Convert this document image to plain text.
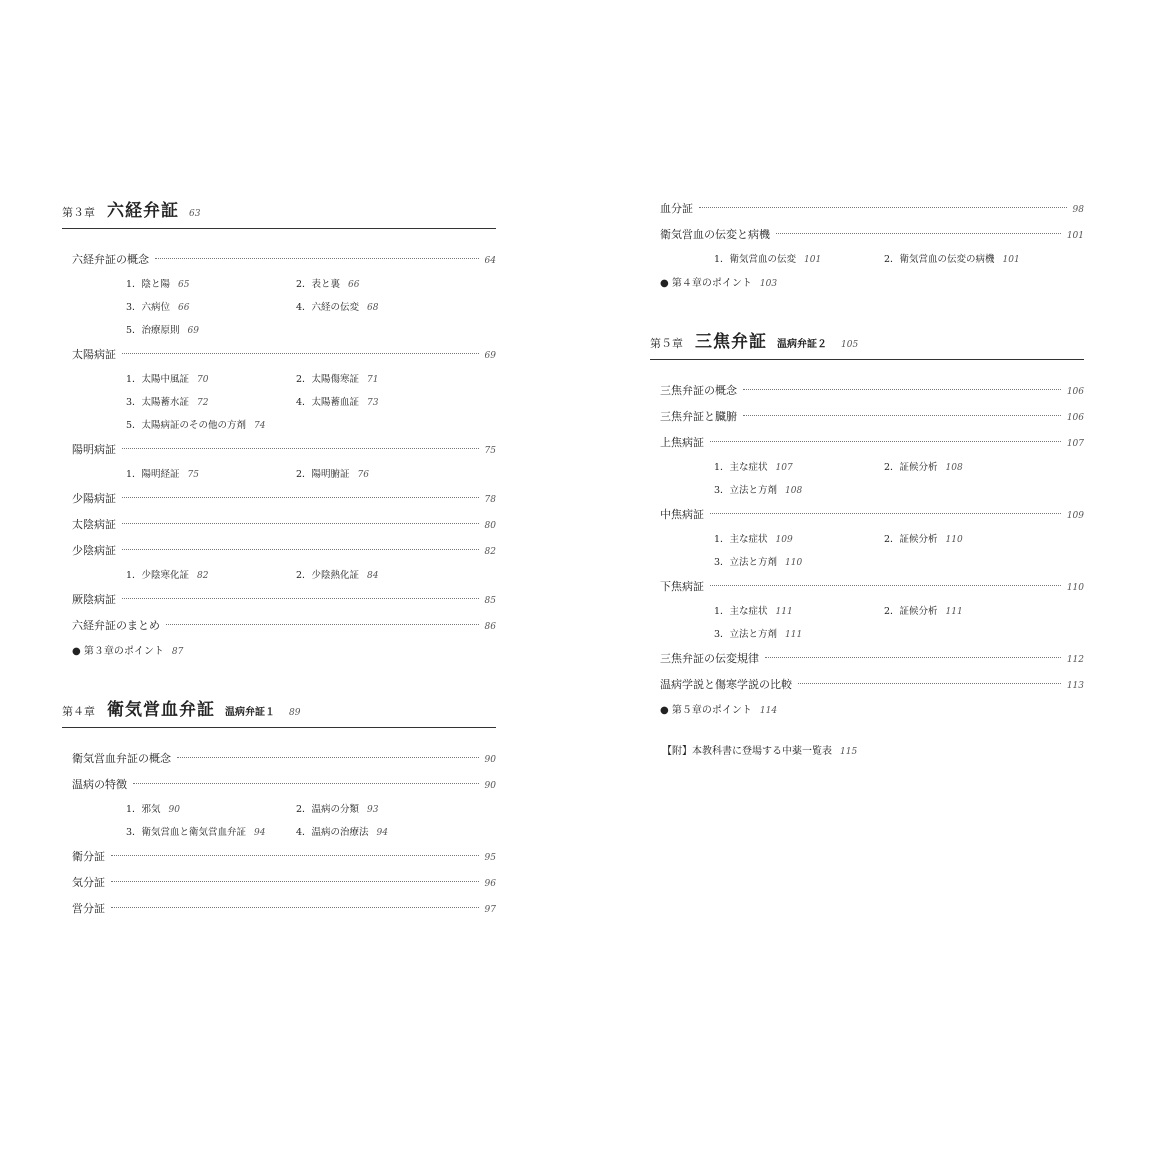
第３章 六経弁証 63
六経弁証の概念	64
1．陰と陽 65	2．表と裏 66
3．六病位 66	4．六経の伝変 68
5．治療原則 69
太陽病証	69
1．太陽中風証 70	2．太陽傷寒証 71
3．太陽蓄水証 72	4．太陽蓄血証 73
5．太陽病証のその他の方剤 74
陽明病証	75
1．陽明経証 75	2．陽明腑証 76
少陽病証	78
太陰病証	80
少陰病証	82
1．少陰寒化証 82	2．少陰熱化証 84
厥陰病証	85
六経弁証のまとめ	86
● 第３章のポイント 87
第４章 衛気営血弁証 温病弁証１ 89
衛気営血弁証の概念	90
温病の特徴	90
1．邪気 90	2．温病の分類 93
3．衛気営血と衛気営血弁証 94	4．温病の治療法 94
衛分証	95
気分証	96
営分証	97
血分証	98
衛気営血の伝変と病機	101
1．衛気営血の伝変 101	2．衛気営血の伝変の病機 101
● 第４章のポイント 103
第５章 三焦弁証 温病弁証２ 105
三焦弁証の概念	106
三焦弁証と臓腑	106
上焦病証	107
1．主な症状 107	2．証候分析 108
3．立法と方剤 108
中焦病証	109
1．主な症状 109	2．証候分析 110
3．立法と方剤 110
下焦病証	110
1．主な症状 111	2．証候分析 111
3．立法と方剤 111
三焦弁証の伝変規律	112
温病学説と傷寒学説の比較	113
● 第５章のポイント 114
【附】本教科書に登場する中薬一覧表 115
